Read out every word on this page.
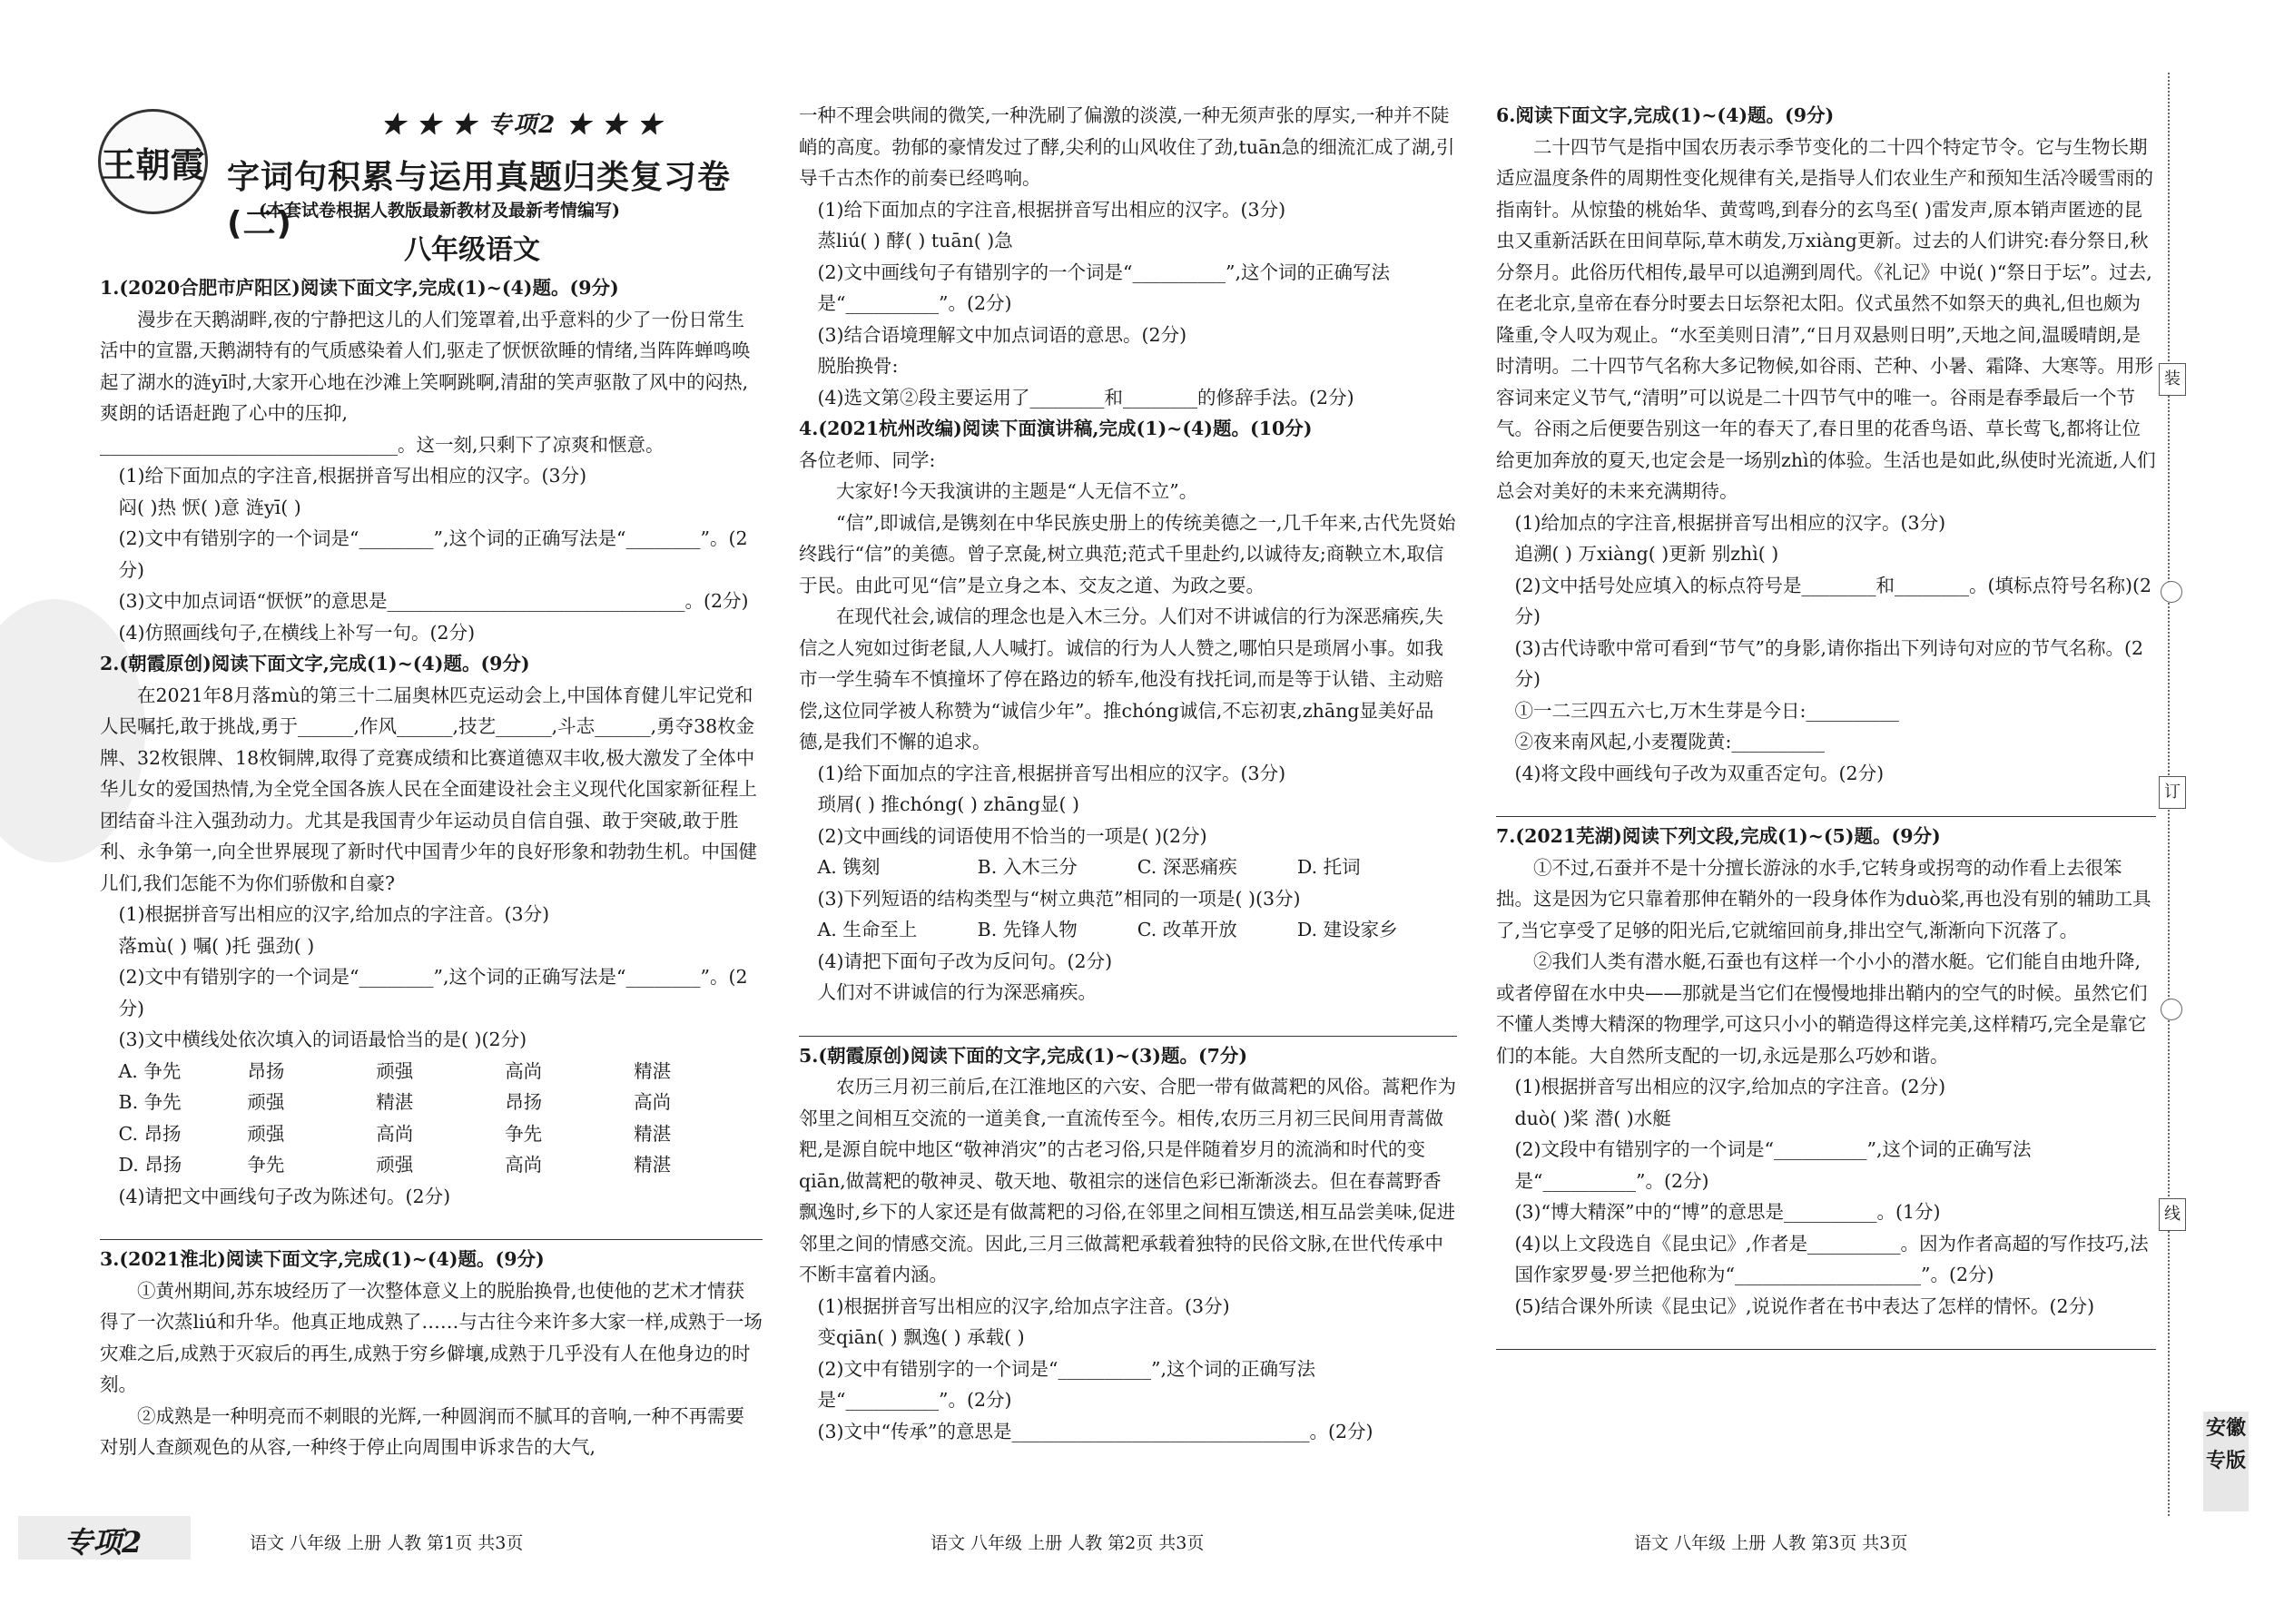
王朝霞
★ ★ ★ 专项2 ★ ★ ★
字词句积累与运用真题归类复习卷(二)
(本套试卷根据人教版最新教材及最新考情编写)
八年级语文

1.(2020合肥市庐阳区)阅读下面文字,完成(1)~(4)题。(9分)

漫步在天鹅湖畔,夜的宁静把这儿的人们笼罩着,出乎意料的少了一份日常生活中的宣嚣,天鹅湖特有的气质感染着人们,驱走了恹恹欲睡的情绪,当阵阵蝉鸣唤起了湖水的涟yī时,大家开心地在沙滩上笑啊跳啊,清甜的笑声驱散了风中的闷热,爽朗的话语赶跑了心中的压抑,

________________________________。这一刻,只剩下了凉爽和惬意。

(1)给下面加点的字注音,根据拼音写出相应的汉字。(3分)

闷( )热 恹( )意 涟yī( )

(2)文中有错别字的一个词是“________”,这个词的正确写法是“________”。(2分)

(3)文中加点词语“恹恹”的意思是________________________________。(2分)

(4)仿照画线句子,在横线上补写一句。(2分)

2.(朝霞原创)阅读下面文字,完成(1)~(4)题。(9分)

在2021年8月落mù的第三十二届奥林匹克运动会上,中国体育健儿牢记党和人民嘱托,敢于挑战,勇于______,作风______,技艺______,斗志______,勇夺38枚金牌、32枚银牌、18枚铜牌,取得了竞赛成绩和比赛道德双丰收,极大激发了全体中华儿女的爱国热情,为全党全国各族人民在全面建设社会主义现代化国家新征程上团结奋斗注入强劲动力。尤其是我国青少年运动员自信自强、敢于突破,敢于胜利、永争第一,向全世界展现了新时代中国青少年的良好形象和勃勃生机。中国健儿们,我们怎能不为你们骄傲和自豪?

(1)根据拼音写出相应的汉字,给加点的字注音。(3分)

落mù( ) 嘱( )托 强劲( )

(2)文中有错别字的一个词是“________”,这个词的正确写法是“________”。(2分)

(3)文中横线处依次填入的词语最恰当的是( )(2分)

A. 争先	昂扬	顽强	高尚	精湛
B. 争先	顽强	精湛	昂扬	高尚
C. 昂扬	顽强	高尚	争先	精湛
D. 昂扬	争先	顽强	高尚	精湛

(4)请把文中画线句子改为陈述句。(2分)

3.(2021淮北)阅读下面文字,完成(1)~(4)题。(9分)

①黄州期间,苏东坡经历了一次整体意义上的脱胎换骨,也使他的艺术才情获得了一次蒸liú和升华。他真正地成熟了……与古往今来许多大家一样,成熟于一场灾难之后,成熟于灭寂后的再生,成熟于穷乡僻壤,成熟于几乎没有人在他身边的时刻。

②成熟是一种明亮而不刺眼的光辉,一种圆润而不腻耳的音响,一种不再需要对别人查颜观色的从容,一种终于停止向周围申诉求告的大气,

一种不理会哄闹的微笑,一种洗刷了偏激的淡漠,一种无须声张的厚实,一种并不陡峭的高度。勃郁的豪情发过了酵,尖利的山风收住了劲,tuān急的细流汇成了湖,引导千古杰作的前奏已经鸣响。

(1)给下面加点的字注音,根据拼音写出相应的汉字。(3分)

蒸liú( ) 酵( ) tuān( )急

(2)文中画线句子有错别字的一个词是“__________”,这个词的正确写法是“__________”。(2分)

(3)结合语境理解文中加点词语的意思。(2分)

脱胎换骨:

(4)选文第②段主要运用了________和________的修辞手法。(2分)

4.(2021杭州改编)阅读下面演讲稿,完成(1)~(4)题。(10分)

各位老师、同学:

大家好!今天我演讲的主题是“人无信不立”。

“信”,即诚信,是镌刻在中华民族史册上的传统美德之一,几千年来,古代先贤始终践行“信”的美德。曾子烹彘,树立典范;范式千里赴约,以诚待友;商鞅立木,取信于民。由此可见“信”是立身之本、交友之道、为政之要。

在现代社会,诚信的理念也是入木三分。人们对不讲诚信的行为深恶痛疾,失信之人宛如过街老鼠,人人喊打。诚信的行为人人赞之,哪怕只是琐屑小事。如我市一学生骑车不慎撞坏了停在路边的轿车,他没有找托词,而是等于认错、主动赔偿,这位同学被人称赞为“诚信少年”。推chóng诚信,不忘初衷,zhāng显美好品德,是我们不懈的追求。

(1)给下面加点的字注音,根据拼音写出相应的汉字。(3分)

琐屑( ) 推chóng( ) zhāng显( )

(2)文中画线的词语使用不恰当的一项是( )(2分)

A. 镌刻	B. 入木三分	C. 深恶痛疾	D. 托词

(3)下列短语的结构类型与“树立典范”相同的一项是( )(3分)

A. 生命至上	B. 先锋人物	C. 改革开放	D. 建设家乡

(4)请把下面句子改为反问句。(2分)

人们对不讲诚信的行为深恶痛疾。

5.(朝霞原创)阅读下面的文字,完成(1)~(3)题。(7分)

农历三月初三前后,在江淮地区的六安、合肥一带有做蒿粑的风俗。蒿粑作为邻里之间相互交流的一道美食,一直流传至今。相传,农历三月初三民间用青蒿做粑,是源自皖中地区“敬神消灾”的古老习俗,只是伴随着岁月的流淌和时代的变qiān,做蒿粑的敬神灵、敬天地、敬祖宗的迷信色彩已渐渐淡去。但在春蒿野香飘逸时,乡下的人家还是有做蒿粑的习俗,在邻里之间相互馈送,相互品尝美味,促进邻里之间的情感交流。因此,三月三做蒿粑承载着独特的民俗文脉,在世代传承中不断丰富着内涵。

(1)根据拼音写出相应的汉字,给加点字注音。(3分)

变qiān( ) 飘逸( ) 承载( )

(2)文中有错别字的一个词是“__________”,这个词的正确写法是“__________”。(2分)

(3)文中“传承”的意思是________________________________。(2分)

6.阅读下面文字,完成(1)~(4)题。(9分)

二十四节气是指中国农历表示季节变化的二十四个特定节令。它与生物长期适应温度条件的周期性变化规律有关,是指导人们农业生产和预知生活冷暖雪雨的指南针。从惊蛰的桃始华、黄莺鸣,到春分的玄鸟至( )雷发声,原本销声匿迹的昆虫又重新活跃在田间草际,草木萌发,万xiàng更新。过去的人们讲究:春分祭日,秋分祭月。此俗历代相传,最早可以追溯到周代。《礼记》中说( )“祭日于坛”。过去,在老北京,皇帝在春分时要去日坛祭祀太阳。仪式虽然不如祭天的典礼,但也颇为隆重,令人叹为观止。“水至美则日清”,“日月双悬则日明”,天地之间,温暖晴朗,是时清明。二十四节气名称大多记物候,如谷雨、芒种、小暑、霜降、大寒等。用形容词来定义节气,“清明”可以说是二十四节气中的唯一。谷雨是春季最后一个节气。谷雨之后便要告别这一年的春天了,春日里的花香鸟语、草长莺飞,都将让位给更加奔放的夏天,也定会是一场别zhì的体验。生活也是如此,纵使时光流逝,人们总会对美好的未来充满期待。

(1)给加点的字注音,根据拼音写出相应的汉字。(3分)

追溯( ) 万xiàng( )更新 别zhì( )

(2)文中括号处应填入的标点符号是________和________。(填标点符号名称)(2分)

(3)古代诗歌中常可看到“节气”的身影,请你指出下列诗句对应的节气名称。(2分)

①一二三四五六七,万木生芽是今日:__________

②夜来南风起,小麦覆陇黄:__________

(4)将文段中画线句子改为双重否定句。(2分)

7.(2021芜湖)阅读下列文段,完成(1)~(5)题。(9分)

①不过,石蚕并不是十分擅长游泳的水手,它转身或拐弯的动作看上去很笨拙。这是因为它只靠着那伸在鞘外的一段身体作为duò桨,再也没有别的辅助工具了,当它享受了足够的阳光后,它就缩回前身,排出空气,渐渐向下沉落了。

②我们人类有潜水艇,石蚕也有这样一个小小的潜水艇。它们能自由地升降,或者停留在水中央——那就是当它们在慢慢地排出鞘内的空气的时候。虽然它们不懂人类博大精深的物理学,可这只小小的鞘造得这样完美,这样精巧,完全是靠它们的本能。大自然所支配的一切,永远是那么巧妙和谐。

(1)根据拼音写出相应的汉字,给加点的字注音。(2分)

duò( )桨 潜( )水艇

(2)文段中有错别字的一个词是“__________”,这个词的正确写法是“__________”。(2分)

(3)“博大精深”中的“博”的意思是__________。(1分)

(4)以上文段选自《昆虫记》,作者是__________。因为作者高超的写作技巧,法国作家罗曼·罗兰把他称为“____________________”。(2分)

(5)结合课外所读《昆虫记》,说说作者在书中表达了怎样的情怀。(2分)

专项2	语文 八年级 上册 人教 第1页 共3页	语文 八年级 上册 人教 第2页 共3页	语文 八年级 上册 人教 第3页 共3页
装
订
线
安徽专版
